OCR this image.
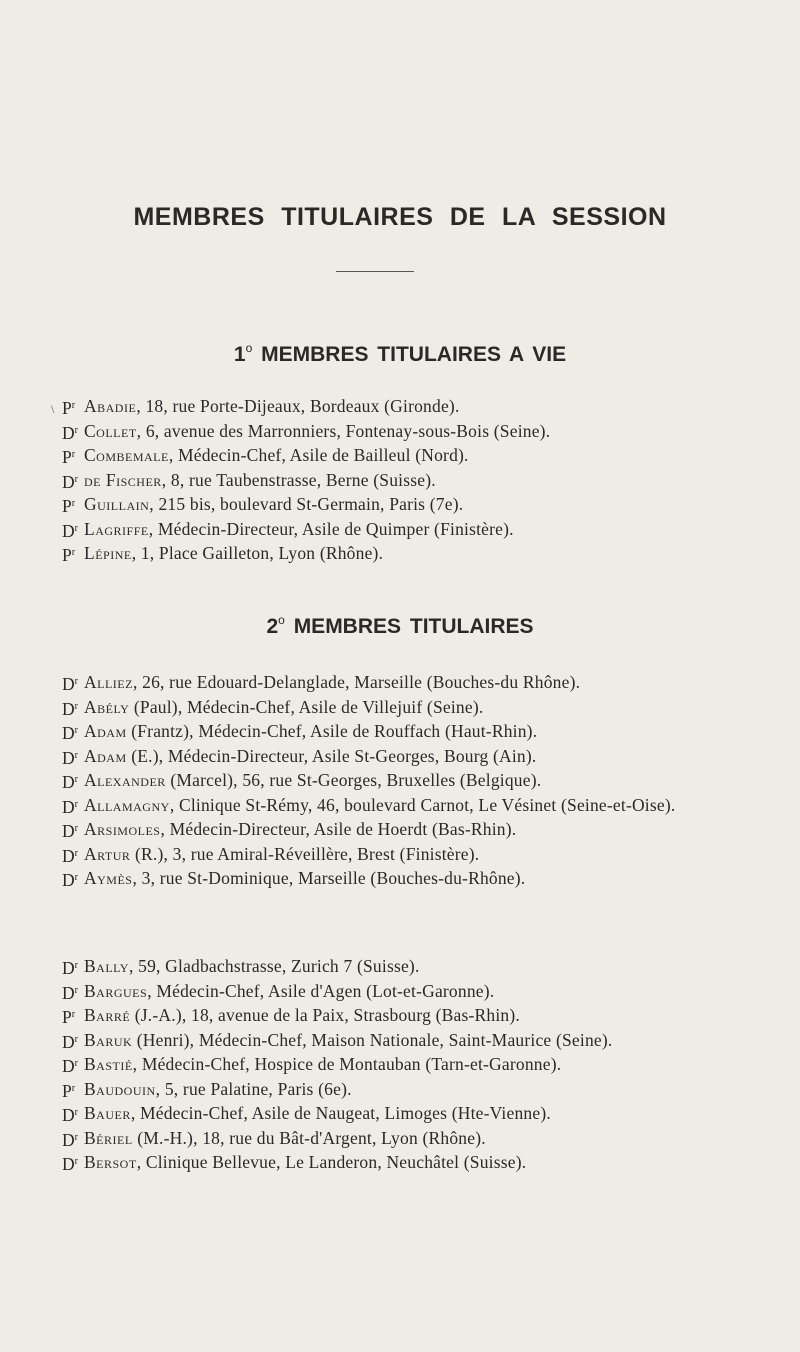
MEMBRES TITULAIRES DE LA SESSION
\
1$^o$ MEMBRES TITULAIRES A VIE
$P^r$ Abadie, 18, rue Porte-Dijeaux, Bordeaux (Gironde).
$D^r$ Collet, 6, avenue des Marronniers, Fontenay-sous-Bois (Seine).
$P^r$ Combemale, Médecin-Chef, Asile de Bailleul (Nord).
$D^r$ de Fischer, 8, rue Taubenstrasse, Berne (Suisse).
$P^r$ Guillain, 215 bis, boulevard St-Germain, Paris (7e).
$D^r$ Lagriffe, Médecin-Directeur, Asile de Quimper (Finistère).
$P^r$ Lépine, 1, Place Gailleton, Lyon (Rhône).
2$^o$ MEMBRES TITULAIRES
$D^r$ Alliez, 26, rue Edouard-Delanglade, Marseille (Bouches-du Rhône).
$D^r$ Abély (Paul), Médecin-Chef, Asile de Villejuif (Seine).
$D^r$ Adam (Frantz), Médecin-Chef, Asile de Rouffach (Haut-Rhin).
$D^r$ Adam (E.), Médecin-Directeur, Asile St-Georges, Bourg (Ain).
$D^r$ Alexander (Marcel), 56, rue St-Georges, Bruxelles (Belgique).
$D^r$ Allamagny, Clinique St-Rémy, 46, boulevard Carnot, Le Vésinet (Seine-et-Oise).
$D^r$ Arsimoles, Médecin-Directeur, Asile de Hoerdt (Bas-Rhin).
$D^r$ Artur (R.), 3, rue Amiral-Réveillère, Brest (Finistère).
$D^r$ Aymès, 3, rue St-Dominique, Marseille (Bouches-du-Rhône).
$D^r$ Bally, 59, Gladbachstrasse, Zurich 7 (Suisse).
$D^r$ Bargues, Médecin-Chef, Asile d'Agen (Lot-et-Garonne).
$P^r$ Barré (J.-A.), 18, avenue de la Paix, Strasbourg (Bas-Rhin).
$D^r$ Baruk (Henri), Médecin-Chef, Maison Nationale, Saint-Maurice (Seine).
$D^r$ Bastié, Médecin-Chef, Hospice de Montauban (Tarn-et-Garonne).
$P^r$ Baudouin, 5, rue Palatine, Paris (6e).
$D^r$ Bauer, Médecin-Chef, Asile de Naugeat, Limoges (Hte-Vienne).
$D^r$ Bériel (M.-H.), 18, rue du Bât-d'Argent, Lyon (Rhône).
$D^r$ Bersot, Clinique Bellevue, Le Landeron, Neuchâtel (Suisse).
